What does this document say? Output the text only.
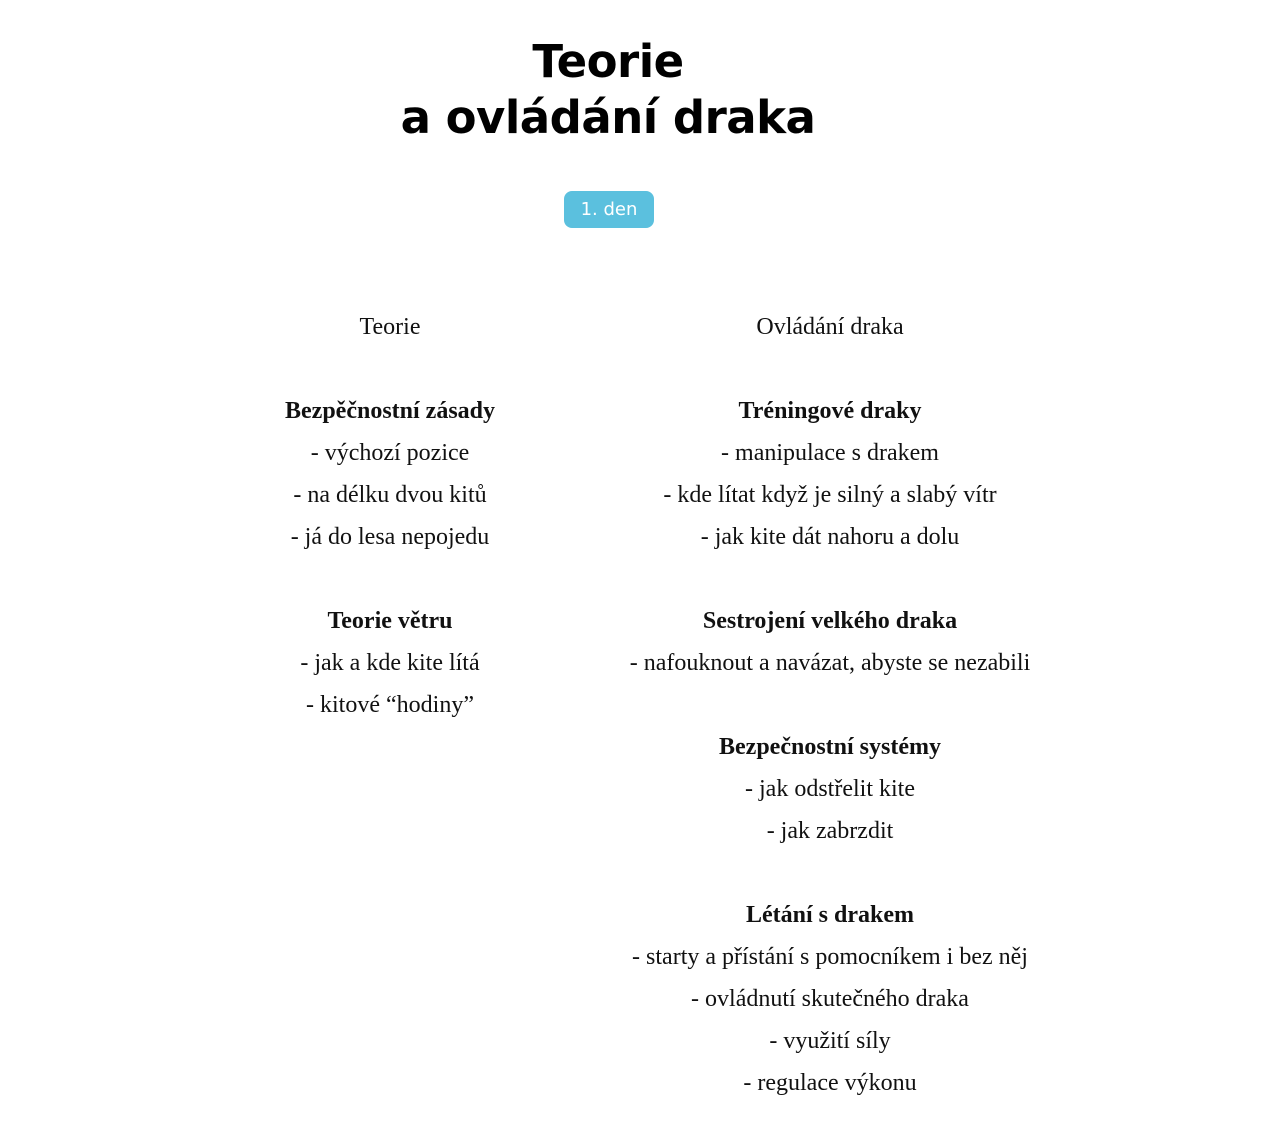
Teorie
a ovládání draka
1. den
Teorie
Bezpěčnostní zásady
- výchozí pozice
- na délku dvou kitů
- já do lesa nepojedu
Teorie větru
- jak a kde kite lítá
- kitové “hodiny”
Ovládání draka
Tréningové draky
- manipulace s drakem
- kde lítat když je silný a slabý vítr
- jak kite dát nahoru a dolu
Sestrojení velkého draka
- nafouknout a navázat, abyste se nezabili
Bezpečnostní systémy
- jak odstřelit kite
- jak zabrzdit
Létání s drakem
- starty a přístání s pomocníkem i bez něj
- ovládnutí skutečného draka
- využití síly
- regulace výkonu
